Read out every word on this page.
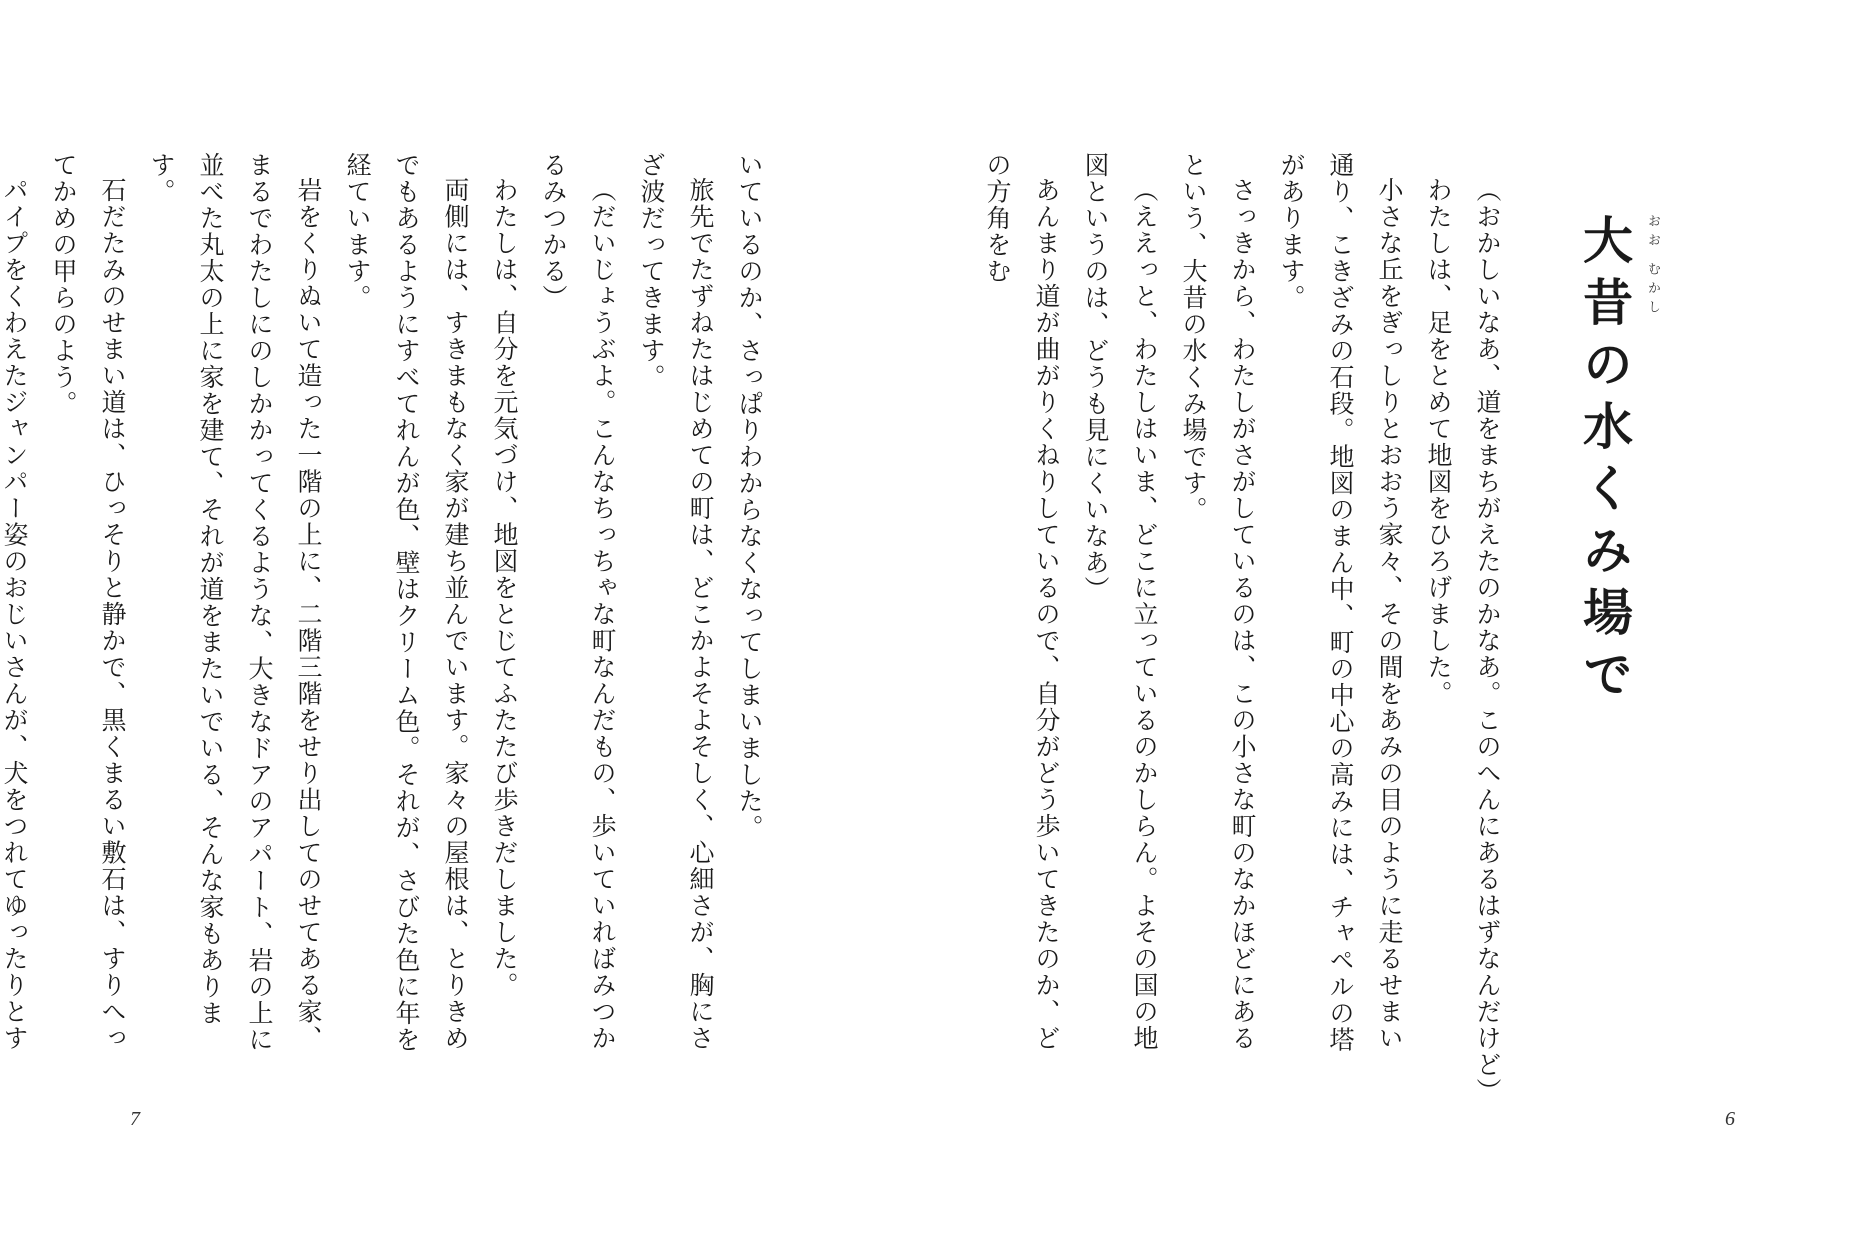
大昔の水くみ場で おお むかし

（おかしいなあ、道をまちがえたのかなあ。このへんにあるはずなんだけど）

わたしは、足をとめて地図をひろげました。

小さな丘をぎっしりとおおう家々、その間をあみの目のように走るせまい通り、こきざみの石段。地図のまん中、町の中心の高みには、チャペルの塔があります。

さっきから、わたしがさがしているのは、この小さな町のなかほどにあるという、大昔の水くみ場です。

（ええっと、わたしはいま、どこに立っているのかしらん。よその国の地図というのは、どうも見にくいなあ）

あんまり道が曲がりくねりしているので、自分がどう歩いてきたのか、どの方角をむ

6

いているのか、さっぱりわからなくなってしまいました。

旅先でたずねたはじめての町は、どこかよそよそしく、心細さが、胸にさざ波だってきます。

（だいじょうぶよ。こんなちっちゃな町なんだもの、歩いていればみつかるみつかる）

わたしは、自分を元気づけ、地図をとじてふたたび歩きだしました。

両側には、すきまもなく家が建ち並んでいます。家々の屋根は、とりきめでもあるようにすべてれんが色、壁はクリーム色。それが、さびた色に年を経ています。

岩をくりぬいて造った一階の上に、二階三階をせり出してのせてある家、まるでわたしにのしかかってくるような、大きなドアのアパート、岩の上に並べた丸太の上に家を建て、それが道をまたいでいる、そんな家もあります。

石だたみのせまい道は、ひっそりと静かで、黒くまるい敷石は、すりへってかめの甲らのよう。

パイプをくわえたジャンパー姿のおじいさんが、犬をつれてゆったりとす

7
